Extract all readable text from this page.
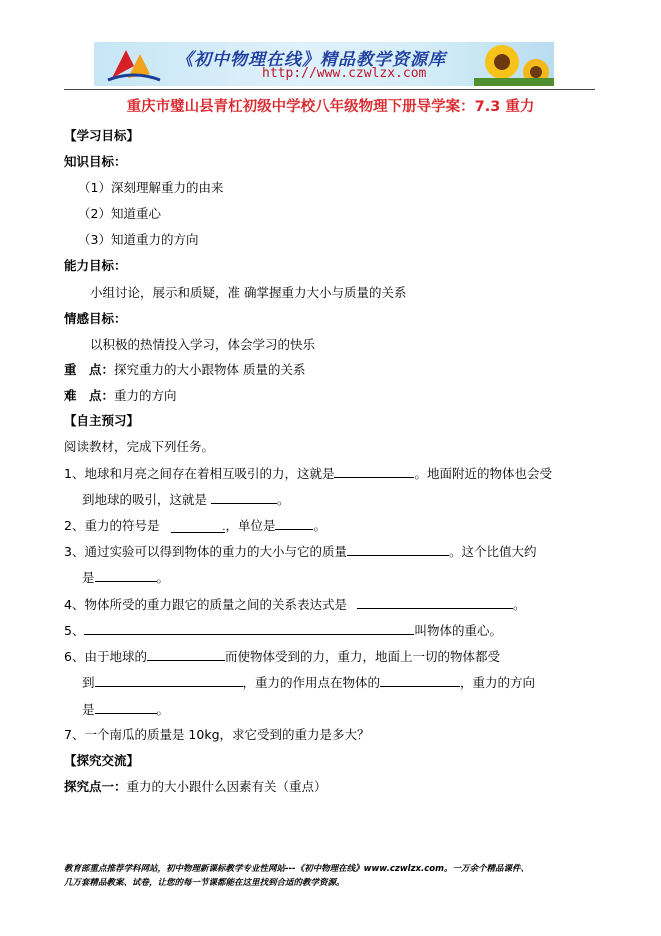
《初中物理在线》精品教学资源库
http://www.czwlzx.com
重庆市璧山县青杠初级中学校八年级物理下册导学案：7.3 重力
【学习目标】
知识目标：
（1）深刻理解重力的由来
（2）知道重心
（3）知道重力的方向
能力目标：
小组讨论，展示和质疑，准 确掌握重力大小与质量的关系
情感目标：
以积极的热情投入学习，体会学习的快乐
重　点：探究重力的大小跟物体 质量的关系
难　点：重力的方向
【自主预习】
阅读教材，完成下列任务。
1、地球和月亮之间存在着相互吸引的力，这就是	。地面附近的物体也会受
到地球的吸引，这就是	。
2、重力的符号是	.，单位是	。
3、通过实验可以得到物体的重力的大小与它的质量	。这个比值大约
是	。
4、物体所受的重力跟它的质量之间的关系表达式是	。
5、	叫物体的重心。
6、由于地球的	而使物体受到的力，重力，地面上一切的物体都受
到	，重力的作用点在物体的	，重力的方向
是	。
7、一个南瓜的质量是 10kg，求它受到的重力是多大？
【探究交流】
探究点一：重力的大小跟什么因素有关（重点）
教育部重点推荐学科网站，初中物理新课标教学专业性网站---《初中物理在线》www.czwlzx.com。一万余个精品课件、
几万套精品教案、试卷，让您的每一节课都能在这里找到合适的教学资源。
